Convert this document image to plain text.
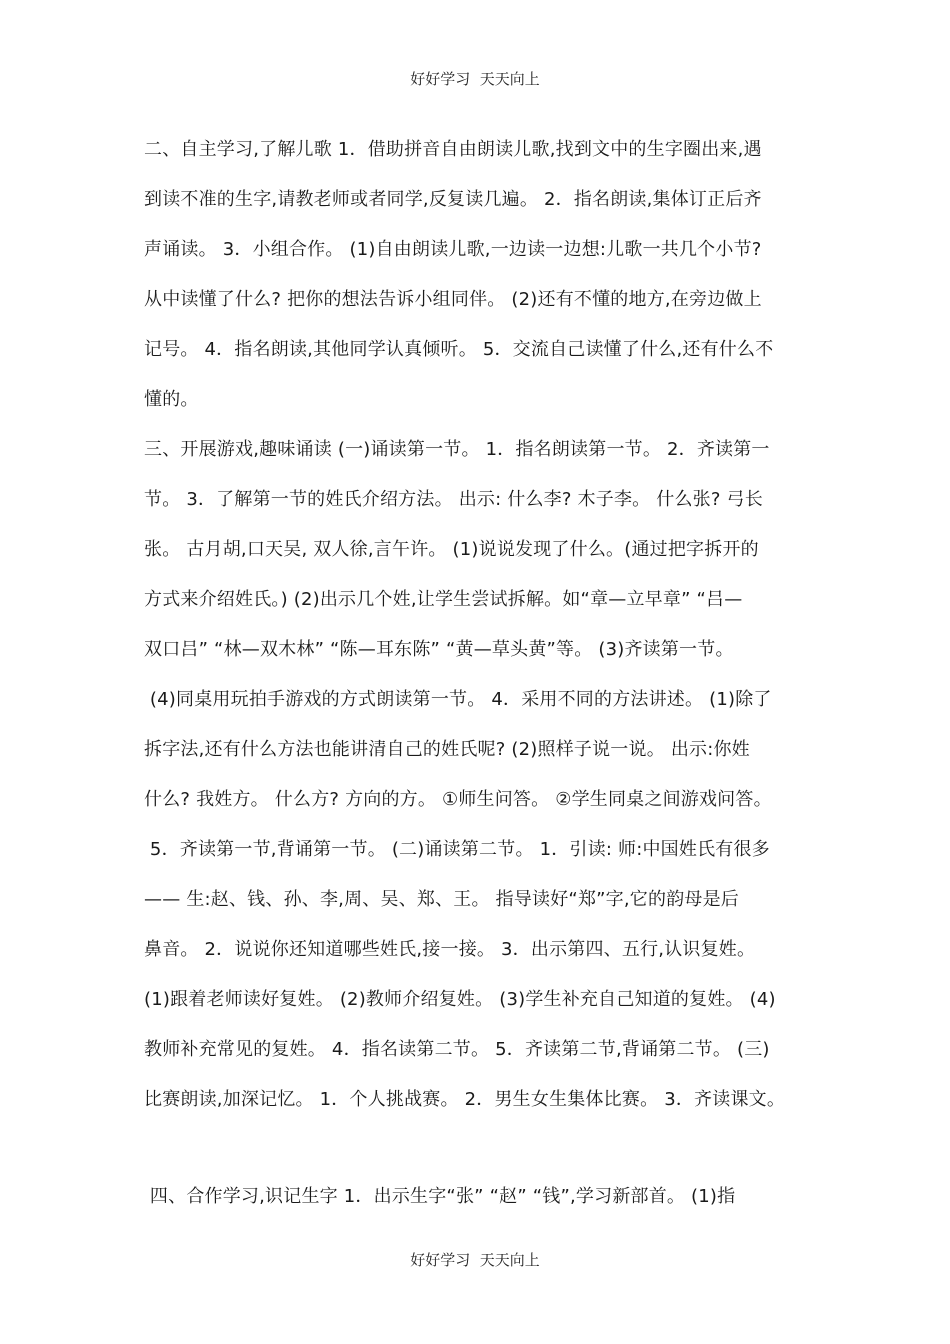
好好学习  天天向上
二、自主学习,了解儿歌 1．借助拼音自由朗读儿歌,找到文中的生字圈出来,遇
到读不准的生字,请教老师或者同学,反复读几遍。 2．指名朗读,集体订正后齐
声诵读。 3．小组合作。 (1)自由朗读儿歌,一边读一边想:儿歌一共几个小节?
从中读懂了什么? 把你的想法告诉小组同伴。 (2)还有不懂的地方,在旁边做上
记号。 4．指名朗读,其他同学认真倾听。 5．交流自己读懂了什么,还有什么不
懂的。
三、开展游戏,趣味诵读 (一)诵读第一节。 1．指名朗读第一节。 2．齐读第一
节。 3．了解第一节的姓氏介绍方法。 出示: 什么李? 木子李。 什么张? 弓长
张。 古月胡,口天吴, 双人徐,言午许。 (1)说说发现了什么。(通过把字拆开的
方式来介绍姓氏。) (2)出示几个姓,让学生尝试拆解。如“章—立早章” “吕—
双口吕” “林—双木林” “陈—耳东陈” “黄—草头黄”等。 (3)齐读第一节。
(4)同桌用玩拍手游戏的方式朗读第一节。 4．采用不同的方法讲述。 (1)除了
拆字法,还有什么方法也能讲清自己的姓氏呢? (2)照样子说一说。 出示:你姓
什么? 我姓方。 什么方? 方向的方。 ①师生问答。 ②学生同桌之间游戏问答。
5．齐读第一节,背诵第一节。 (二)诵读第二节。 1．引读: 师:中国姓氏有很多
—— 生:赵、钱、孙、李,周、吴、郑、王。 指导读好“郑”字,它的韵母是后
鼻音。 2．说说你还知道哪些姓氏,接一接。 3．出示第四、五行,认识复姓。
(1)跟着老师读好复姓。 (2)教师介绍复姓。 (3)学生补充自己知道的复姓。 (4)
教师补充常见的复姓。 4．指名读第二节。 5．齐读第二节,背诵第二节。 (三)
比赛朗读,加深记忆。 1．个人挑战赛。 2．男生女生集体比赛。 3．齐读课文。
四、合作学习,识记生字 1．出示生字“张” “赵” “钱”,学习新部首。 (1)指
好好学习  天天向上
